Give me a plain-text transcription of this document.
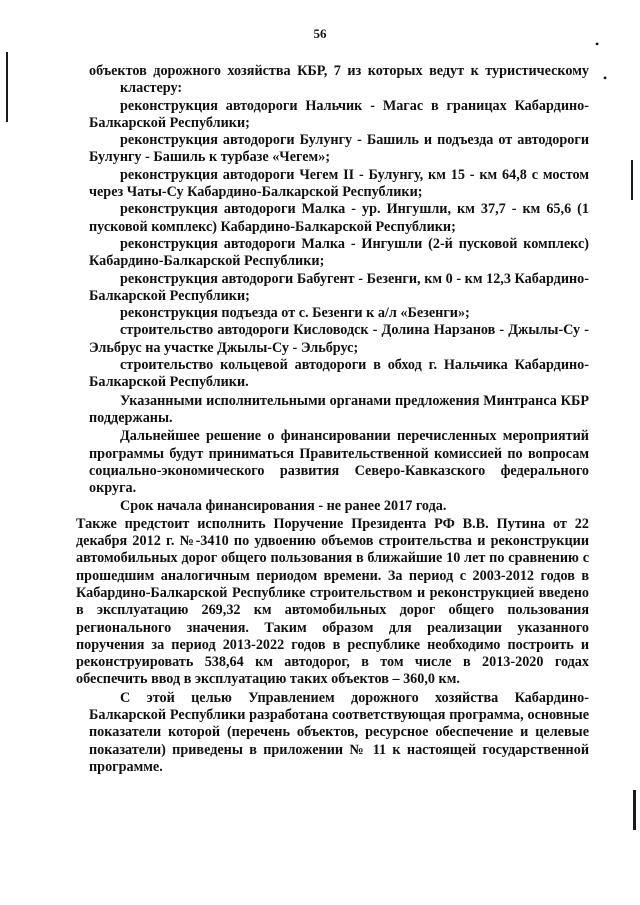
•
•
56

объектов дорожного хозяйства КБР, 7 из которых ведут к туристическому кластеру:

реконструкция автодороги Нальчик - Магас в границах Кабардино-Балкарской Республики;

реконструкция автодороги Булунгу - Башиль и подъезда от автодороги Булунгу - Башиль к турбазе «Чегем»;

реконструкция автодороги Чегем II - Булунгу, км 15 - км 64,8 с мостом через Чаты-Су Кабардино-Балкарской Республики;

реконструкция автодороги Малка - ур. Ингушли, км 37,7 - км 65,6 (1 пусковой комплекс) Кабардино-Балкарской Республики;

реконструкция автодороги Малка - Ингушли (2-й пусковой комплекс) Кабардино-Балкарской Республики;

реконструкция автодороги Бабугент - Безенги, км 0 - км 12,3 Кабардино-Балкарской Республики;

реконструкция подъезда от с. Безенги к а/л «Безенги»;

строительство автодороги Кисловодск - Долина Нарзанов - Джылы-Су - Эльбрус на участке Джылы-Су - Эльбрус;

строительство кольцевой автодороги в обход г. Нальчика Кабардино-Балкарской Республики.

Указанными исполнительными органами предложения Минтранса КБР поддержаны.

Дальнейшее решение о финансировании перечисленных мероприятий программы будут приниматься Правительственной комиссией по вопросам социально-экономического развития Северо-Кавказского федерального округа.

Срок начала финансирования - не ранее 2017 года.

Также предстоит исполнить Поручение Президента РФ В.В. Путина от 22 декабря 2012 г. №-3410 по удвоению объемов строительства и реконструкции автомобильных дорог общего пользования в ближайшие 10 лет по сравнению с прошедшим аналогичным периодом времени. За период с 2003-2012 годов в Кабардино-Балкарской Республике строительством и реконструкцией введено в эксплуатацию 269,32 км автомобильных дорог общего пользования регионального значения. Таким образом для реализации указанного поручения за период 2013-2022 годов в республике необходимо построить и реконструировать 538,64 км автодорог, в том числе в 2013-2020 годах обеспечить ввод в эксплуатацию таких объектов – 360,0 км.

С этой целью Управлением дорожного хозяйства Кабардино-Балкарской Республики разработана соответствующая программа, основные показатели которой (перечень объектов, ресурсное обеспечение и целевые показатели) приведены в приложении № 11 к настоящей государственной программе.
